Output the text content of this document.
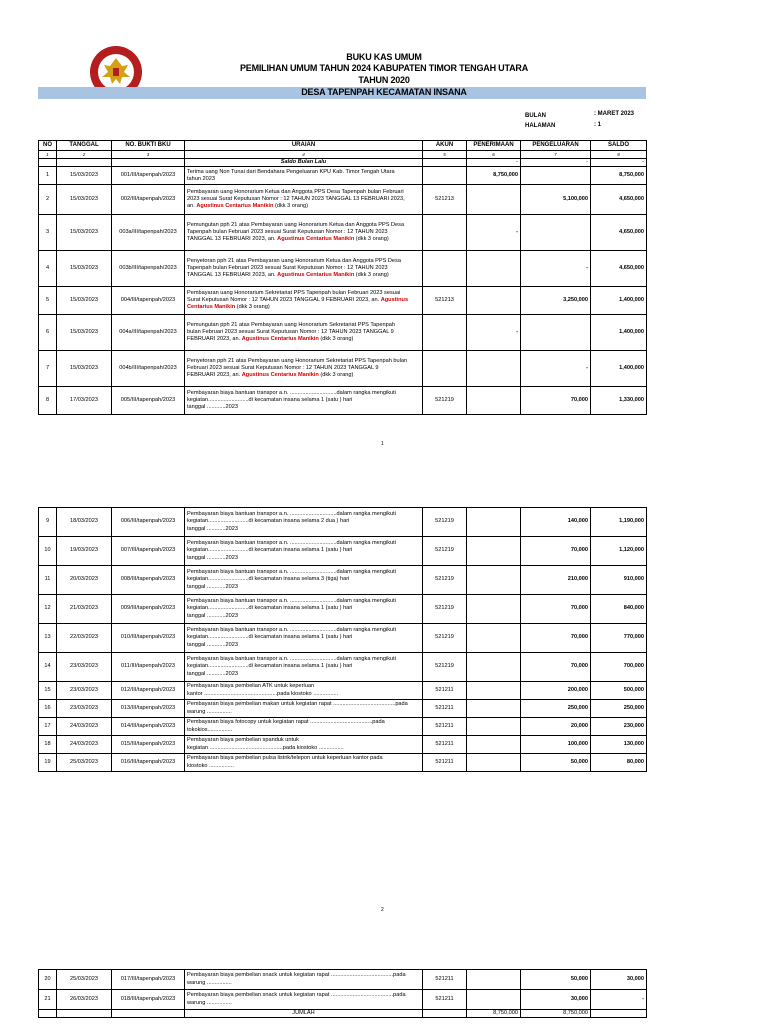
BUKU KAS UMUM
PEMILIHAN UMUM TAHUN 2024 KABUPATEN TIMOR TENGAH UTARA
TAHUN 2020
DESA TAPENPAH KECAMATAN INSANA
BULAN	: MARET 2023
HALAMAN	: 1
NO	TANGGAL	NO. BUKTI BKU	URAIAN	AKUN	PENERIMAAN	PENGELUARAN	SALDO
1	2	3	4	5	6	7	8
			Saldo Bulan Lalu		-	-	-
1	15/03/2023	001/III/tapenpah/2023	Terima uang Non Tunai dari Bendahara Pengeluaran KPU Kab. Timor Tengah Utara
tahun 2023		8,750,000		8,750,000
2	15/03/2023	002/III/tapenpah/2023	Pembayaran uang Honorarium Ketua dan Anggota PPS Desa Tapenpah bulan Februari
2023 sesuai Surat Keputusan Nomor : 12 TAHUN 2023 TANGGAL 13 FEBRUARI 2023,
an. Agustinus Centarius Manikin (dkk 3 orang)	521213		5,100,000	4,650,000
3	15/03/2023	003a/III/tapenpah/2023	Pemungutan pph 21 atas Pembayaran uang Honorarium Ketua dan Anggota PPS Desa
Tapenpah bulan Februari 2023 sesuai Surat Keputusan Nomor : 12 TAHUN 2023
TANGGAL 13 FEBRUARI 2023, an. Agustinus Centarius Manikin (dkk 3 orang)		-		4,650,000
4	15/03/2023	003b/III/tapenpah/2023	Penyetoran pph 21 atas Pembayaran uang Honorarium Ketua dan Anggota PPS Desa
Tapenpah bulan Februari 2023 sesuai Surat Keputusan Nomor : 12 TAHUN 2023
TANGGAL 13 FEBRUARI 2023, an. Agustinus Centarius Manikin (dkk 3 orang)			-	4,650,000
5	15/03/2023	004/III/tapenpah/2023	Pembayaran uang Honorarium Sekretariat PPS Tapenpah bulan Februari 2023 sesuai
Surat Keputusan Nomor : 12 TAHUN 2023 TANGGAL 9 FEBRUARI 2023, an. Agustinus Centarius Manikin (dkk 3 orang)	521213		3,250,000	1,400,000
6	15/03/2023	004a/III/tapenpah/2023	Pemungutan pph 21 atas Pembayaran uang Honorarium Sekretariat PPS Tapenpah
bulan Februari 2023 sesuai Surat Keputusan Nomor : 12 TAHUN 2023 TANGGAL 9
FEBRUARI 2023, an. Agustinus Centarius Manikin (dkk 3 orang)		-		1,400,000
7	15/03/2023	004b/III/tapenpah/2023	Penyetoran pph 21 atas Pembayaran uang Honorarium Sekretariat PPS Tapenpah bulan
Februari 2023 sesuai Surat Keputusan Nomor : 12 TAHUN 2023 TANGGAL 9
FEBRUARI 2023, an. Agustinus Centarius Manikin (dkk 3 orang)			-	1,400,000
8	17/03/2023	005/III/tapenpah/2023	Pembayaran biaya bantuan transpor a.n. ..............................dalam rangka mengikuti
kegiatan..........................di kecamatan insana selama 1 (satu ) hari
tanggal ............2023	521219		70,000	1,330,000
1
9	18/03/2023	006/III/tapenpah/2023	Pembayaran biaya bantuan transpor a.n. ..............................dalam rangka mengikuti
kegiatan..........................di kecamatan insana selama 2 dua ) hari
tanggal ............2023	521219		140,000	1,190,000
10	19/03/2023	007/III/tapenpah/2023	Pembayaran biaya bantuan transpor a.n. ..............................dalam rangka mengikuti
kegiatan..........................di kecamatan insana selama 1 (satu ) hari
tanggal ............2023	521219		70,000	1,120,000
11	20/03/2023	008/III/tapenpah/2023	Pembayaran biaya bantuan transpor a.n. ..............................dalam rangka mengikuti
kegiatan..........................di kecamatan insana selama 3 (tiga) hari
tanggal ............2023	521219		210,000	910,000
12	21/03/2023	009/III/tapenpah/2023	Pembayaran biaya bantuan transpor a.n. ..............................dalam rangka mengikuti
kegiatan..........................di kecamatan insana selama 1 (satu ) hari
tanggal ............2023	521219		70,000	840,000
13	22/03/2023	010/III/tapenpah/2023	Pembayaran biaya bantuan transpor a.n. ..............................dalam rangka mengikuti
kegiatan..........................di kecamatan insana selama 1 (satu ) hari
tanggal ............2023	521219		70,000	770,000
14	23/03/2023	011/III/tapenpah/2023	Pembayaran biaya bantuan transpor a.n. ..............................dalam rangka mengikuti
kegiatan..........................di kecamatan insana selama 1 (satu ) hari
tanggal ............2023	521219		70,000	700,000
15	23/03/2023	012/III/tapenpah/2023	Pembayaran biaya pembelian ATK untuk keperluan
kantor ...............................................pada kiostoko ................	521211		200,000	500,000
16	23/03/2023	013/III/tapenpah/2023	Pembayaran biaya pembelian makan untuk kegiatan rapat ........................................pada
warung ................	521211		250,000	250,000
17	24/03/2023	014/III/tapenpah/2023	Pembayaran biaya fotocopy untuk kegiatan rapat ........................................pada
tokokios................	521211		20,000	230,000
18	24/03/2023	015/III/tapenpah/2023	Pembayaran biaya pembelian spanduk untuk
kegiatan ...............................................pada kiostoko ................	521211		100,000	130,000
19	25/03/2023	016/III/tapenpah/2023	Pembayaran biaya pembelian pulsa listrik/telepon untuk keperluan kantor pada
kiostoko ................	521211		50,000	80,000
2
20	25/03/2023	017/III/tapenpah/2023	Pembayaran biaya pembelian snack untuk kegiatan rapat ........................................pada
warung ................	521211		50,000	30,000
21	26/03/2023	018/III/tapenpah/2023	Pembayaran biaya pembelian snack untuk kegiatan rapat ........................................pada
warung ................	521211		30,000	-
			JUMLAH		8,750,000	8,750,000	
